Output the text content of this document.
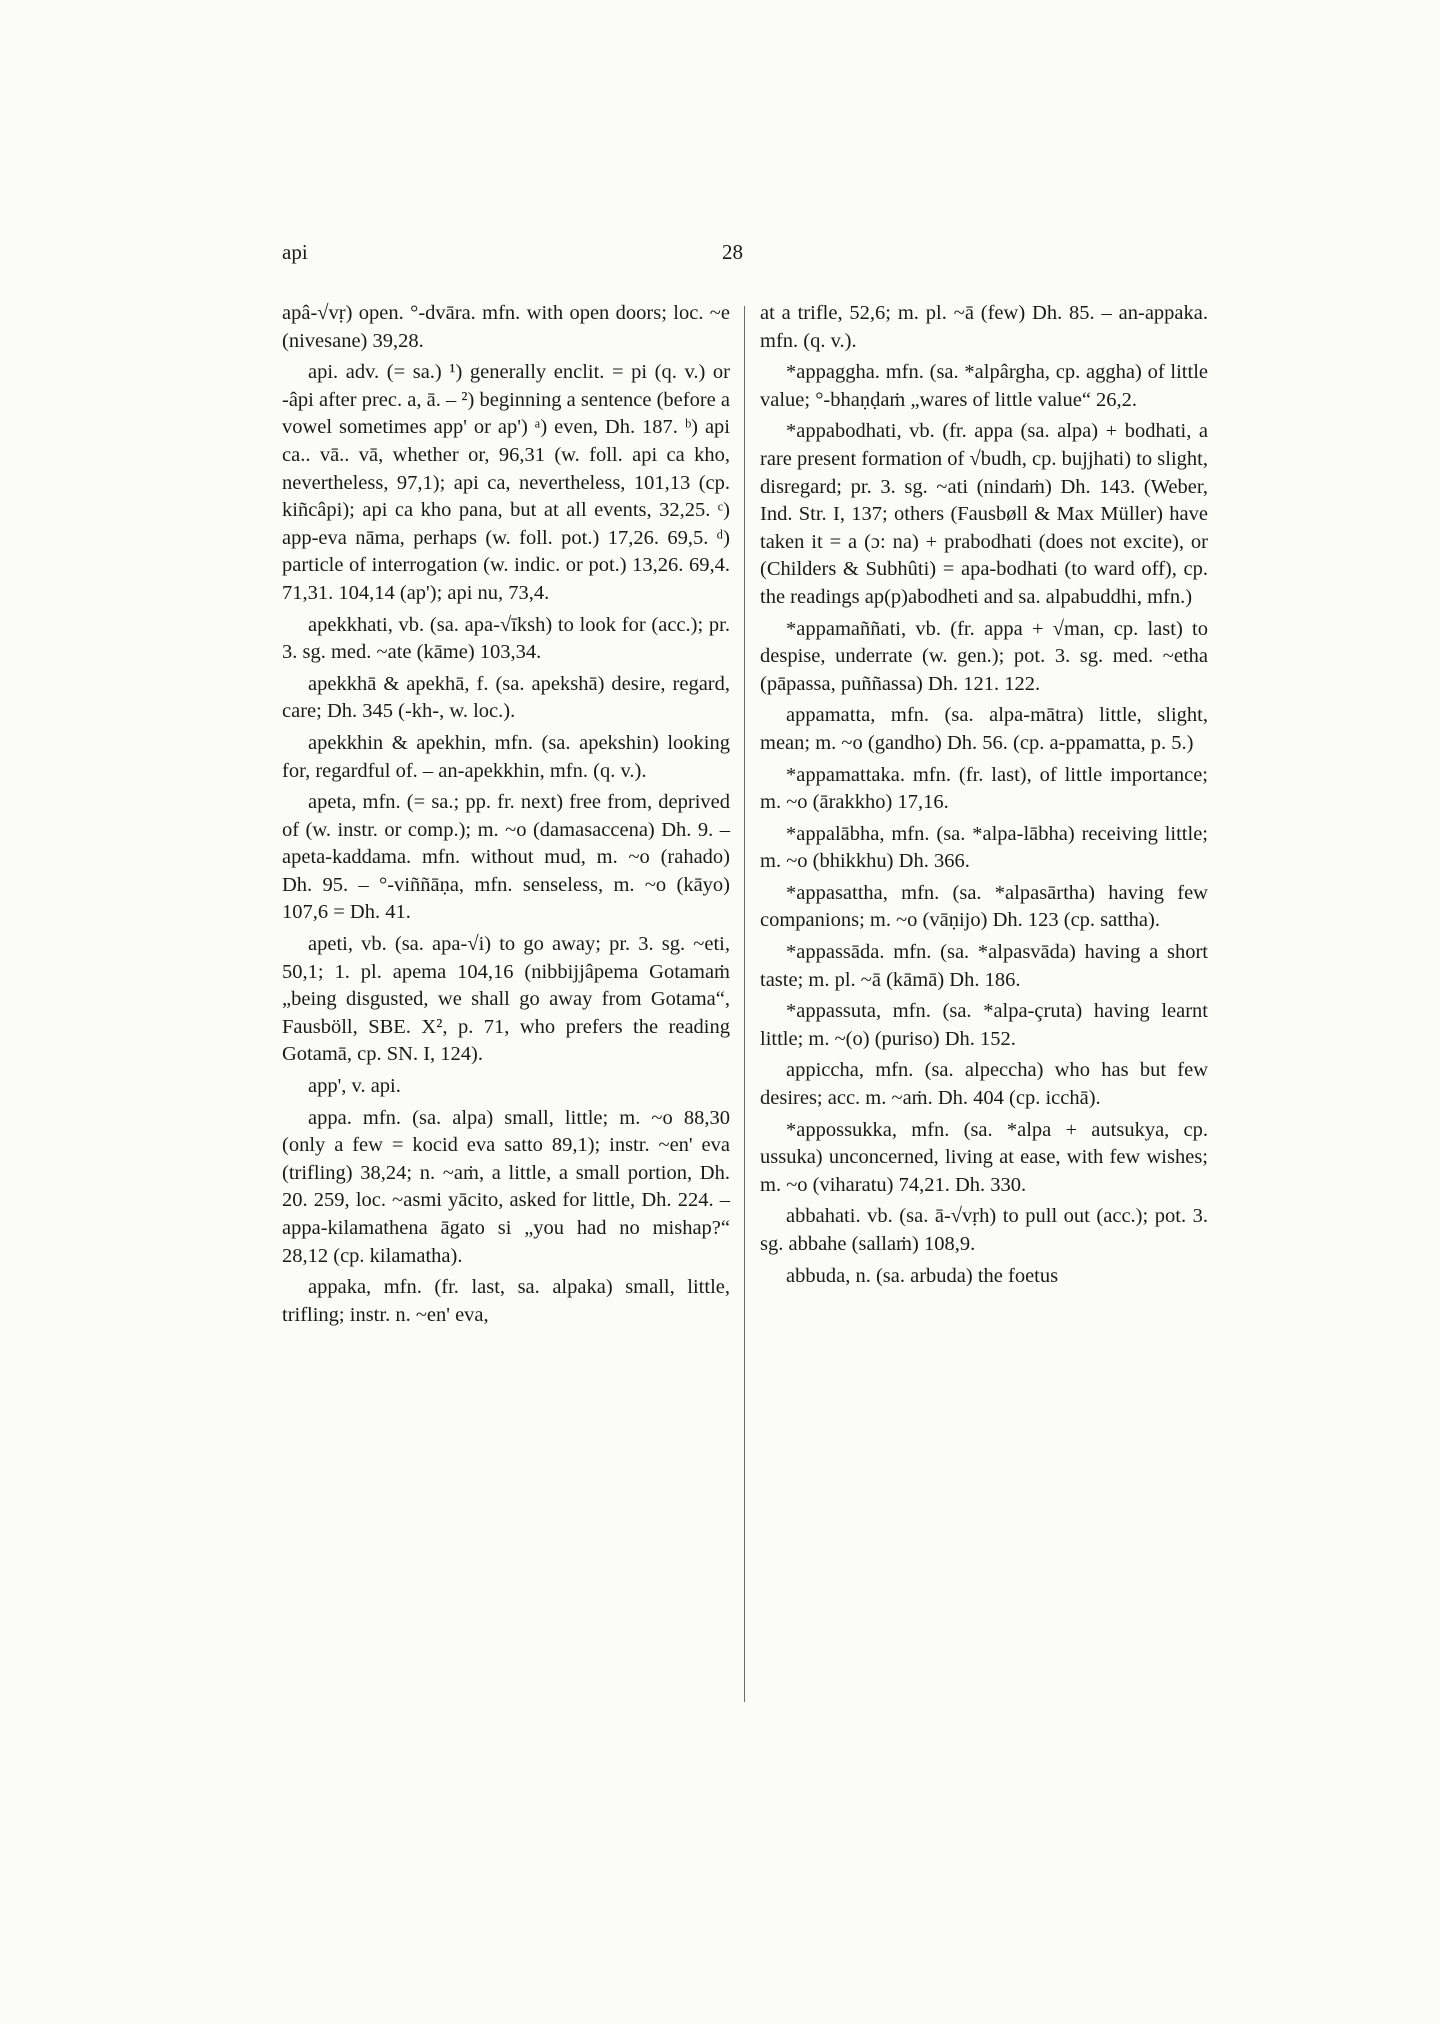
api	28

apâ-√vṛ) open. °-dvāra. mfn. with open doors; loc. ~e (nivesane) 39,28.

api. adv. (= sa.) ¹) generally enclit. = pi (q. v.) or -âpi after prec. a, ā. – ²) beginning a sentence (before a vowel sometimes app' or ap') ᵃ) even, Dh. 187. ᵇ) api ca.. vā.. vā, whether or, 96,31 (w. foll. api ca kho, nevertheless, 97,1); api ca, nevertheless, 101,13 (cp. kiñcâpi); api ca kho pana, but at all events, 32,25. ᶜ) app-eva nāma, perhaps (w. foll. pot.) 17,26. 69,5. ᵈ) particle of interrogation (w. indic. or pot.) 13,26. 69,4. 71,31. 104,14 (ap'); api nu, 73,4.

apekkhati, vb. (sa. apa-√īksh) to look for (acc.); pr. 3. sg. med. ~ate (kāme) 103,34.

apekkhā & apekhā, f. (sa. apekshā) desire, regard, care; Dh. 345 (-kh-, w. loc.).

apekkhin & apekhin, mfn. (sa. apekshin) looking for, regardful of. – an-apekkhin, mfn. (q. v.).

apeta, mfn. (= sa.; pp. fr. next) free from, deprived of (w. instr. or comp.); m. ~o (damasaccena) Dh. 9. – apeta-kaddama. mfn. without mud, m. ~o (rahado) Dh. 95. – °-viññāṇa, mfn. senseless, m. ~o (kāyo) 107,6 = Dh. 41.

apeti, vb. (sa. apa-√i) to go away; pr. 3. sg. ~eti, 50,1; 1. pl. apema 104,16 (nibbijjâpema Gotamaṁ „being disgusted, we shall go away from Gotama“, Fausböll, SBE. X², p. 71, who prefers the reading Gotamā, cp. SN. I, 124).

app', v. api.

appa. mfn. (sa. alpa) small, little; m. ~o 88,30 (only a few = kocid eva satto 89,1); instr. ~en' eva (trifling) 38,24; n. ~aṁ, a little, a small portion, Dh. 20. 259, loc. ~asmi yācito, asked for little, Dh. 224. – appa-kilamathena āgato si „you had no mishap?“ 28,12 (cp. kilamatha).

appaka, mfn. (fr. last, sa. alpaka) small, little, trifling; instr. n. ~en' eva,

at a trifle, 52,6; m. pl. ~ā (few) Dh. 85. – an-appaka. mfn. (q. v.).

*appaggha. mfn. (sa. *alpârgha, cp. aggha) of little value; °-bhaṇḍaṁ „wares of little value“ 26,2.

*appabodhati, vb. (fr. appa (sa. alpa) + bodhati, a rare present formation of √budh, cp. bujjhati) to slight, disregard; pr. 3. sg. ~ati (nindaṁ) Dh. 143. (Weber, Ind. Str. I, 137; others (Fausbøll & Max Müller) have taken it = a (ɔ: na) + prabodhati (does not excite), or (Childers & Subhûti) = apa-bodhati (to ward off), cp. the readings ap(p)abodheti and sa. alpabuddhi, mfn.)

*appamaññati, vb. (fr. appa + √man, cp. last) to despise, underrate (w. gen.); pot. 3. sg. med. ~etha (pāpassa, puññassa) Dh. 121. 122.

appamatta, mfn. (sa. alpa-mātra) little, slight, mean; m. ~o (gandho) Dh. 56. (cp. a-ppamatta, p. 5.)

*appamattaka. mfn. (fr. last), of little importance; m. ~o (ārakkho) 17,16.

*appalābha, mfn. (sa. *alpa-lābha) receiving little; m. ~o (bhikkhu) Dh. 366.

*appasattha, mfn. (sa. *alpasārtha) having few companions; m. ~o (vāṇijo) Dh. 123 (cp. sattha).

*appassāda. mfn. (sa. *alpasvāda) having a short taste; m. pl. ~ā (kāmā) Dh. 186.

*appassuta, mfn. (sa. *alpa-çruta) having learnt little; m. ~(o) (puriso) Dh. 152.

appiccha, mfn. (sa. alpeccha) who has but few desires; acc. m. ~aṁ. Dh. 404 (cp. icchā).

*appossukka, mfn. (sa. *alpa + autsukya, cp. ussuka) unconcerned, living at ease, with few wishes; m. ~o (viharatu) 74,21. Dh. 330.

abbahati. vb. (sa. ā-√vṛh) to pull out (acc.); pot. 3. sg. abbahe (sallaṁ) 108,9.

abbuda, n. (sa. arbuda) the foetus
